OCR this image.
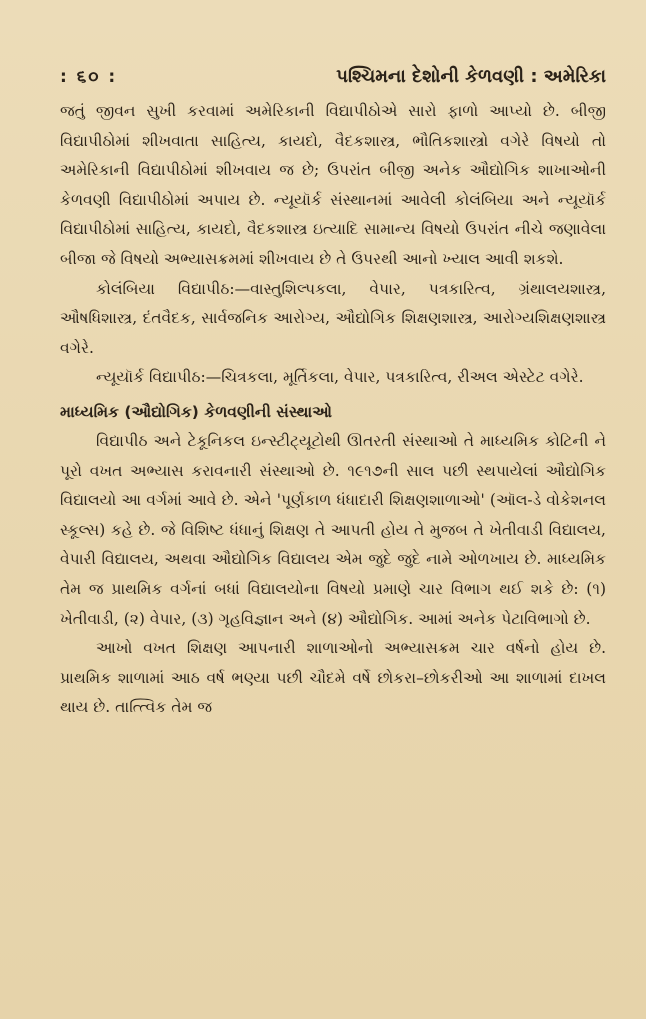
: ૬૦ :	પશ્ચિમના દેશોની કેળવણી : અમેરિકા

જતું જીવન સુખી કરવામાં અમેરિકાની વિદ્યાપીઠોએ સારો ફાળો આપ્યો છે. બીજી વિદ્યાપીઠોમાં શીખવાતા સાહિત્ય, કાયદો, વૈદકશાસ્ત્ર, ભૌતિકશાસ્ત્રો વગેરે વિષયો તો અમેરિકાની વિદ્યાપીઠોમાં શીખવાય જ છે; ઉપરાંત બીજી અનેક ઔદ્યોગિક શાખાઓની કેળવણી વિદ્યાપીઠોમાં અપાય છે. ન્યૂયૉર્ક સંસ્થાનમાં આવેલી કોલંબિયા અને ન્યૂયૉર્ક વિદ્યાપીઠોમાં સાહિત્ય, કાયદો, વૈદકશાસ્ત્ર ઇત્યાદિ સામાન્ય વિષયો ઉપરાંત નીચે જણાવેલા બીજા જે વિષયો અભ્યાસક્રમમાં શીખવાય છે તે ઉપરથી આનો ખ્યાલ આવી શકશે.

કોલંબિયા વિદ્યાપીઠ:—વાસ્તુશિલ્પકલા, વેપાર, પત્રકારિત્વ, ગ્રંથાલયશાસ્ત્ર, ઔષધિશાસ્ત્ર, દંતવૈદક, સાર્વજનિક આરોગ્ય, ઔદ્યોગિક શિક્ષણશાસ્ત્ર, આરોગ્યશિક્ષણશાસ્ત્ર વગેરે.

ન્યૂયૉર્ક વિદ્યાપીઠ:—ચિત્રકલા, મૂર્તિકલા, વેપાર, પત્રકારિત્વ, રીઅલ એસ્ટેટ વગેરે.

માધ્યમિક (ઔદ્યોગિક) કેળવણીની સંસ્થાઓ

વિદ્યાપીઠ અને ટેકૂનિકલ ઇન્સ્ટીટ્યૂટોથી ઊતરતી સંસ્થાઓ તે માધ્યમિક કોટિની ને પૂરો વખત અભ્યાસ કરાવનારી સંસ્થાઓ છે. ૧૯૧૭ની સાલ પછી સ્થપાયેલાં ઔદ્યોગિક વિદ્યાલયો આ વર્ગમાં આવે છે. એને 'પૂર્ણકાળ ધંધાદારી શિક્ષણશાળાઓ' (ઑલ-ડે વોકેશનલ સ્કૂલ્સ) કહે છે. જે વિશિષ્ટ ધંધાનું શિક્ષણ તે આપતી હોય તે મુજબ તે ખેતીવાડી વિદ્યાલય, વેપારી વિદ્યાલય, અથવા ઔદ્યોગિક વિદ્યાલય એમ જુદે જુદે નામે ઓળખાય છે. માધ્યમિક તેમ જ પ્રાથમિક વર્ગનાં બધાં વિદ્યાલયોના વિષયો પ્રમાણે ચાર વિભાગ થઈ શકે છે: (૧) ખેતીવાડી, (૨) વેપાર, (૩) ગૃહવિજ્ઞાન અને (૪) ઔદ્યોગિક. આમાં અનેક પેટાવિભાગો છે.

આખો વખત શિક્ષણ આપનારી શાળાઓનો અભ્યાસક્રમ ચાર વર્ષનો હોય છે. પ્રાથમિક શાળામાં આઠ વર્ષ ભણ્યા પછી ચૌદમે વર્ષે છોકરા–છોકરીઓ આ શાળામાં દાખલ થાય છે. તાત્ત્વિક તેમ જ
